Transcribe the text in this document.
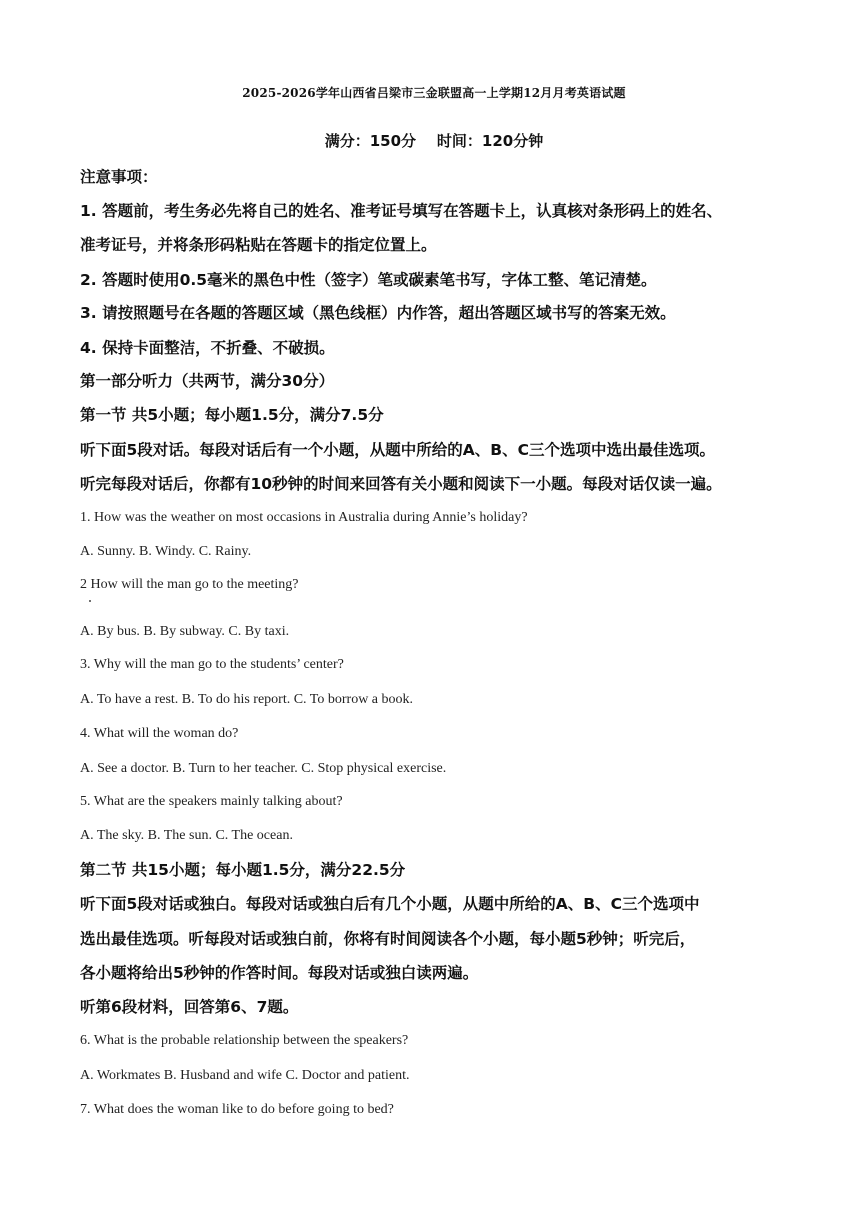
2025-2026学年山西省吕梁市三金联盟高一上学期12月月考英语试题
满分：150分    时间：120分钟
注意事项：
1. 答题前，考生务必先将自己的姓名、准考证号填写在答题卡上，认真核对条形码上的姓名、
准考证号，并将条形码粘贴在答题卡的指定位置上。
2. 答题时使用0.5毫米的黑色中性（签字）笔或碳素笔书写，字体工整、笔记清楚。
3. 请按照题号在各题的答题区域（黑色线框）内作答，超出答题区域书写的答案无效。
4. 保持卡面整洁，不折叠、不破损。
第一部分听力（共两节，满分30分）
第一节 共5小题；每小题1.5分，满分7.5分
听下面5段对话。每段对话后有一个小题，从题中所给的A、B、C三个选项中选出最佳选项。
听完每段对话后，你都有10秒钟的时间来回答有关小题和阅读下一小题。每段对话仅读一遍。
1. How was the weather on most occasions in Australia during Annie’s holiday?
A. Sunny. B. Windy. C. Rainy.
2 How will the man go to the meeting?
A. By bus. B. By subway. C. By taxi.
3. Why will the man go to the students’ center?
A. To have a rest. B. To do his report. C. To borrow a book.
4. What will the woman do?
A. See a doctor. B. Turn to her teacher. C. Stop physical exercise.
5. What are the speakers mainly talking about?
A. The sky. B. The sun. C. The ocean.
第二节 共15小题；每小题1.5分，满分22.5分
听下面5段对话或独白。每段对话或独白后有几个小题，从题中所给的A、B、C三个选项中
选出最佳选项。听每段对话或独白前，你将有时间阅读各个小题，每小题5秒钟；听完后，
各小题将给出5秒钟的作答时间。每段对话或独白读两遍。
听第6段材料，回答第6、7题。
6. What is the probable relationship between the speakers?
A. Workmates B. Husband and wife C. Doctor and patient.
7. What does the woman like to do before going to bed?
